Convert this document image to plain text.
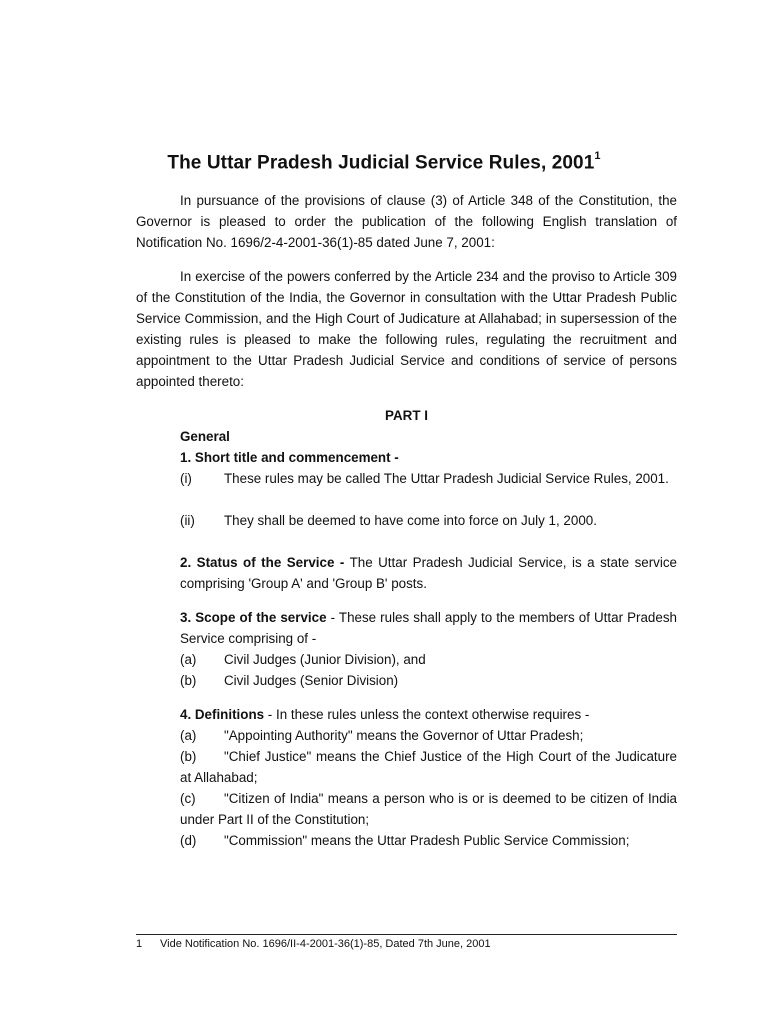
The Uttar Pradesh Judicial Service Rules, 2001$^1$

In pursuance of the provisions of clause (3) of Article 348 of the Constitution, the Governor is pleased to order the publication of the following English translation of Notification No. 1696/2-4-2001-36(1)-85 dated June 7, 2001:

In exercise of the powers conferred by the Article 234 and the proviso to Article 309 of the Constitution of the India, the Governor in consultation with the Uttar Pradesh Public Service Commission, and the High Court of Judicature at Allahabad; in supersession of the existing rules is pleased to make the following rules, regulating the recruitment and appointment to the Uttar Pradesh Judicial Service and conditions of service of persons appointed thereto:

PART I

General

1. Short title and commencement -

(i)	These rules may be called The Uttar Pradesh Judicial Service Rules, 2001.
(ii)	They shall be deemed to have come into force on July 1, 2000.

2. Status of the Service - The Uttar Pradesh Judicial Service, is a state service comprising 'Group A' and 'Group B' posts.

3. Scope of the service - These rules shall apply to the members of Uttar Pradesh Service comprising of -

(a)	Civil Judges (Junior Division), and
(b)	Civil Judges (Senior Division)

4. Definitions - In these rules unless the context otherwise requires -

(a) "Appointing Authority" means the Governor of Uttar Pradesh;

(b) "Chief Justice" means the Chief Justice of the High Court of the Judicature at Allahabad;

(c) "Citizen of India" means a person who is or is deemed to be citizen of India under Part II of the Constitution;

(d) "Commission" means the Uttar Pradesh Public Service Commission;

1 Vide Notification No. 1696/II-4-2001-36(1)-85, Dated 7th June, 2001
